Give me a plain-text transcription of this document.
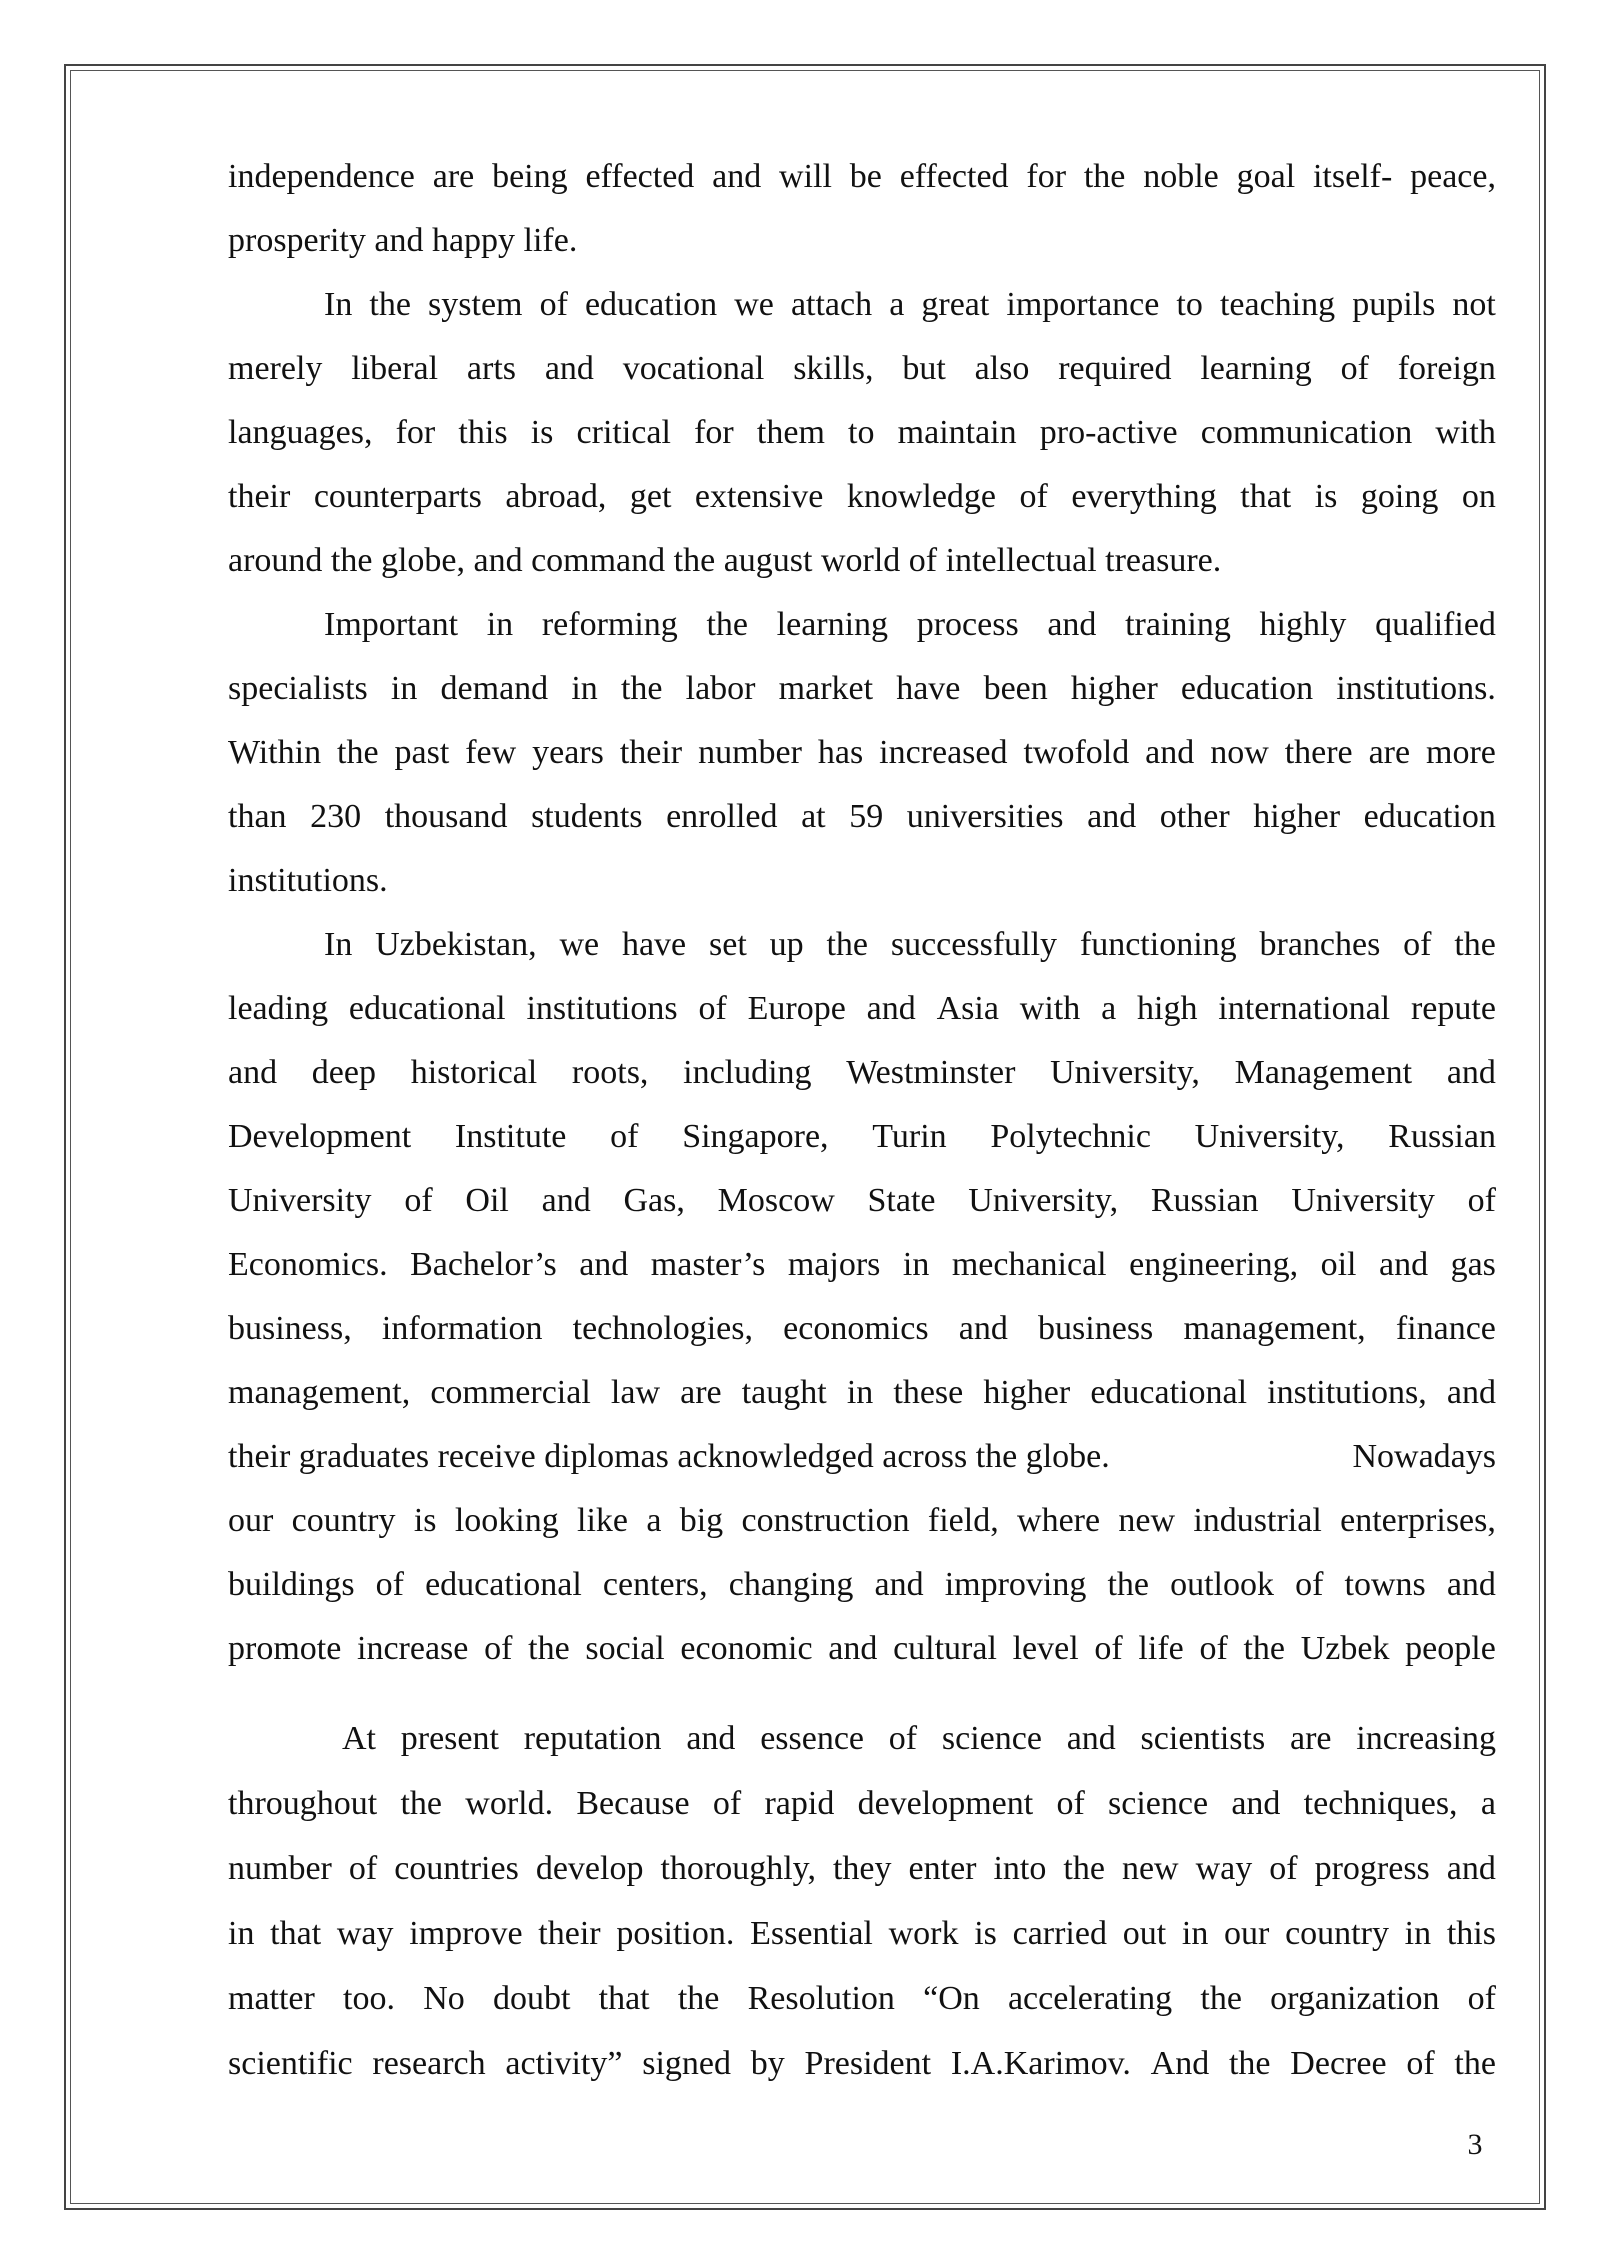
independence are being effected and will be effected for the noble goal itself- peace,
prosperity and happy life.
In the system of education we attach a great importance to teaching pupils not
merely liberal arts and vocational skills, but also required learning of foreign
languages, for this is critical for them to maintain pro-active communication with
their counterparts abroad, get extensive knowledge of everything that is going on
around the globe, and command the august world of intellectual treasure.
Important in reforming the learning process and training highly qualified
specialists in demand in the labor market have been higher education institutions.
Within the past few years their number has increased twofold and now there are more
than 230 thousand students enrolled at 59 universities and other higher education
institutions.
In Uzbekistan, we have set up the successfully functioning branches of the
leading educational institutions of Europe and Asia with a high international repute
and deep historical roots, including Westminster University, Management and
Development Institute of Singapore, Turin Polytechnic University, Russian
University of Oil and Gas, Moscow State University, Russian University of
Economics. Bachelor’s and master’s majors in mechanical engineering, oil and gas
business, information technologies, economics and business management, finance
management, commercial law are taught in these higher educational institutions, and
their graduates receive diplomas acknowledged across the globe.	Nowadays
our country is looking like a big construction field, where new industrial enterprises,
buildings of educational centers, changing and improving the outlook of towns and
promote increase of the social economic and cultural level of life of the Uzbek people
At present reputation and essence of science and scientists are increasing
throughout the world. Because of rapid development of science and techniques, a
number of countries develop thoroughly, they enter into the new way of progress and
in that way improve their position. Essential work is carried out in our country in this
matter too. No doubt that the Resolution “On accelerating the organization of
scientific research activity” signed by President I.A.Karimov. And the Decree of the
3
